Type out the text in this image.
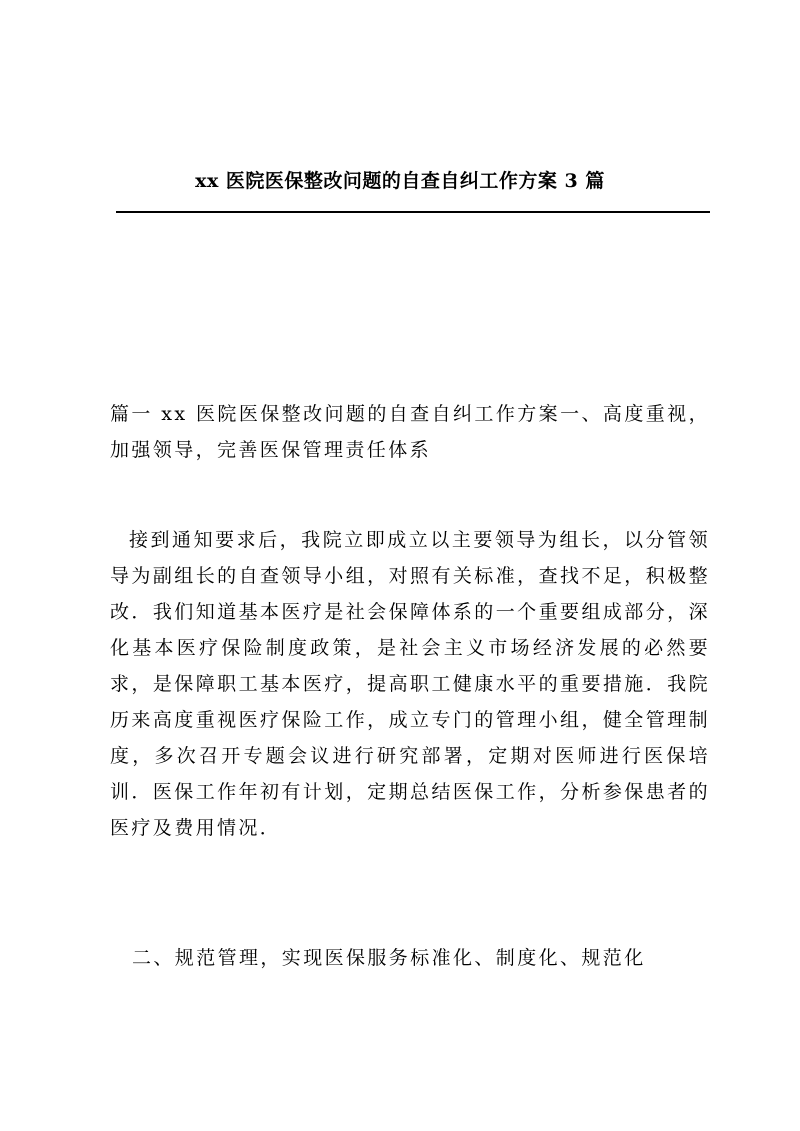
xx 医院医保整改问题的自查自纠工作方案 3 篇
篇一 xx 医院医保整改问题的自查自纠工作方案一、高度重视，加强领导，完善医保管理责任体系
接到通知要求后，我院立即成立以主要领导为组长，以分管领导为副组长的自查领导小组，对照有关标准，查找不足，积极整改．我们知道基本医疗是社会保障体系的一个重要组成部分，深化基本医疗保险制度政策，是社会主义市场经济发展的必然要求，是保障职工基本医疗，提高职工健康水平的重要措施．我院历来高度重视医疗保险工作，成立专门的管理小组，健全管理制度，多次召开专题会议进行研究部署，定期对医师进行医保培训．医保工作年初有计划，定期总结医保工作，分析参保患者的医疗及费用情况．
二、规范管理，实现医保服务标准化、制度化、规范化
